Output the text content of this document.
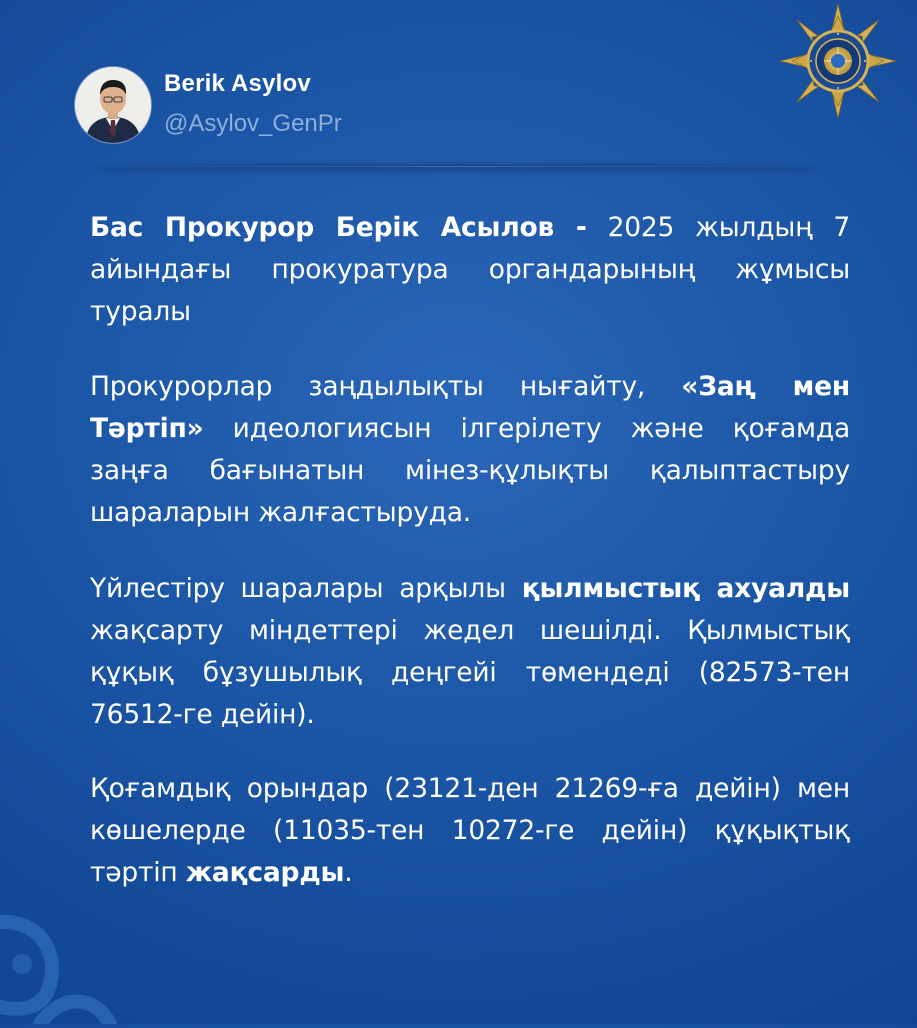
Berik Asylov
@Asylov_GenPr
Бас Прокурор Берік Асылов - 2025 жылдың 7 айындағы прокуратура органдарының жұмысы туралы
Прокурорлар заңдылықты нығайту, «Заң мен Тәртіп» идеологиясын ілгерілету және қоғамда заңға бағынатын мінез-құлықты қалыптастыру шараларын жалғастыруда.
Үйлестіру шаралары арқылы қылмыстық ахуалды жақсарту міндеттері жедел шешілді. Қылмыстық құқық бұзушылық деңгейі төмендеді (82573-тен 76512-ге дейін).
Қоғамдық орындар (23121-ден 21269-ға дейін) мен көшелерде (11035-тен 10272-ге дейін) құқықтық тәртіп жақсарды.
